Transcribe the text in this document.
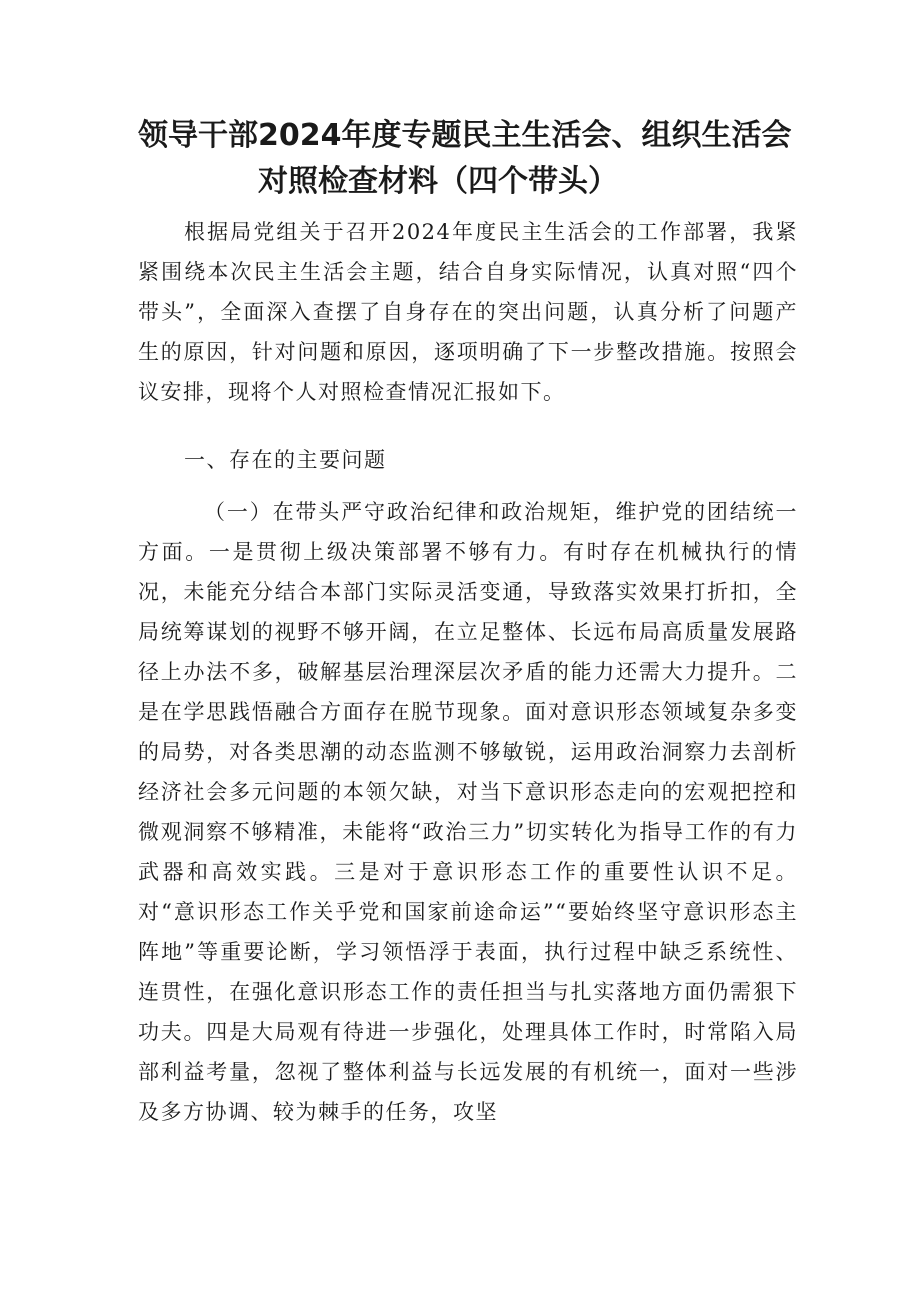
领导干部2024年度专题民主生活会、组织生活会
对照检查材料（四个带头）

根据局党组关于召开2024年度民主生活会的工作部署，我紧紧围绕本次民主生活会主题，结合自身实际情况，认真对照“四个带头”，全面深入查摆了自身存在的突出问题，认真分析了问题产生的原因，针对问题和原因，逐项明确了下一步整改措施。按照会议安排，现将个人对照检查情况汇报如下。

一、存在的主要问题

（一）在带头严守政治纪律和政治规矩，维护党的团结统一方面。一是贯彻上级决策部署不够有力。有时存在机械执行的情况，未能充分结合本部门实际灵活变通，导致落实效果打折扣，全局统筹谋划的视野不够开阔，在立足整体、长远布局高质量发展路径上办法不多，破解基层治理深层次矛盾的能力还需大力提升。二是在学思践悟融合方面存在脱节现象。面对意识形态领域复杂多变的局势，对各类思潮的动态监测不够敏锐，运用政治洞察力去剖析经济社会多元问题的本领欠缺，对当下意识形态走向的宏观把控和微观洞察不够精准，未能将“政治三力”切实转化为指导工作的有力武器和高效实践。三是对于意识形态工作的重要性认识不足。对“意识形态工作关乎党和国家前途命运”“要始终坚守意识形态主阵地”等重要论断，学习领悟浮于表面，执行过程中缺乏系统性、连贯性，在强化意识形态工作的责任担当与扎实落地方面仍需狠下功夫。四是大局观有待进一步强化，处理具体工作时，时常陷入局部利益考量，忽视了整体利益与长远发展的有机统一，面对一些涉及多方协调、较为棘手的任务，攻坚
